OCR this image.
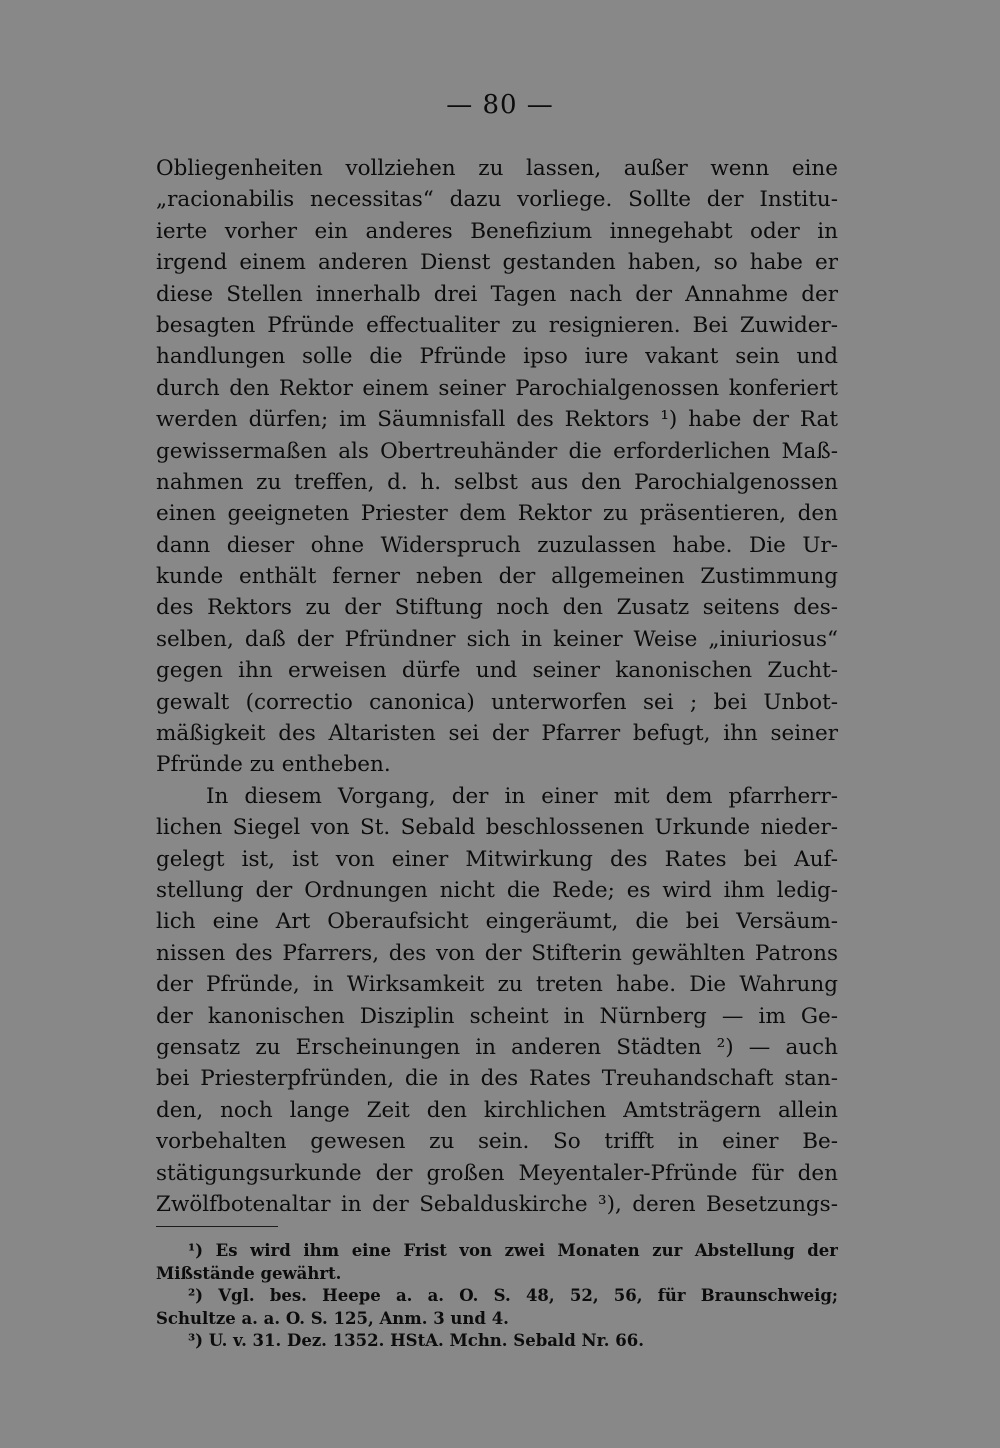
— 80 —
Obliegenheiten vollziehen zu lassen, außer wenn eine
„racionabilis necessitas“ dazu vorliege. Sollte der Institu-
ierte vorher ein anderes Benefizium innegehabt oder in
irgend einem anderen Dienst gestanden haben, so habe er
diese Stellen innerhalb drei Tagen nach der Annahme der
besagten Pfründe effectualiter zu resignieren. Bei Zuwider-
handlungen solle die Pfründe ipso iure vakant sein und
durch den Rektor einem seiner Parochialgenossen konferiert
werden dürfen; im Säumnisfall des Rektors ¹) habe der Rat
gewissermaßen als Obertreuhänder die erforderlichen Maß-
nahmen zu treffen, d. h. selbst aus den Parochialgenossen
einen geeigneten Priester dem Rektor zu präsentieren, den
dann dieser ohne Widerspruch zuzulassen habe. Die Ur-
kunde enthält ferner neben der allgemeinen Zustimmung
des Rektors zu der Stiftung noch den Zusatz seitens des-
selben, daß der Pfründner sich in keiner Weise „iniuriosus“
gegen ihn erweisen dürfe und seiner kanonischen Zucht-
gewalt (correctio canonica) unterworfen sei ; bei Unbot-
mäßigkeit des Altaristen sei der Pfarrer befugt, ihn seiner
Pfründe zu entheben.
In diesem Vorgang, der in einer mit dem pfarrherr-
lichen Siegel von St. Sebald beschlossenen Urkunde nieder-
gelegt ist, ist von einer Mitwirkung des Rates bei Auf-
stellung der Ordnungen nicht die Rede; es wird ihm ledig-
lich eine Art Oberaufsicht eingeräumt, die bei Versäum-
nissen des Pfarrers, des von der Stifterin gewählten Patrons
der Pfründe, in Wirksamkeit zu treten habe. Die Wahrung
der kanonischen Disziplin scheint in Nürnberg — im Ge-
gensatz zu Erscheinungen in anderen Städten ²) — auch
bei Priesterpfründen, die in des Rates Treuhandschaft stan-
den, noch lange Zeit den kirchlichen Amtsträgern allein
vorbehalten gewesen zu sein. So trifft in einer Be-
stätigungsurkunde der großen Meyentaler-Pfründe für den
Zwölfbotenaltar in der Sebalduskirche ³), deren Besetzungs-
¹) Es wird ihm eine Frist von zwei Monaten zur Abstellung der
Mißstände gewährt.
²) Vgl. bes. Heepe a. a. O. S. 48, 52, 56, für Braunschweig;
Schultze a. a. O. S. 125, Anm. 3 und 4.
³) U. v. 31. Dez. 1352. HStA. Mchn. Sebald Nr. 66.
